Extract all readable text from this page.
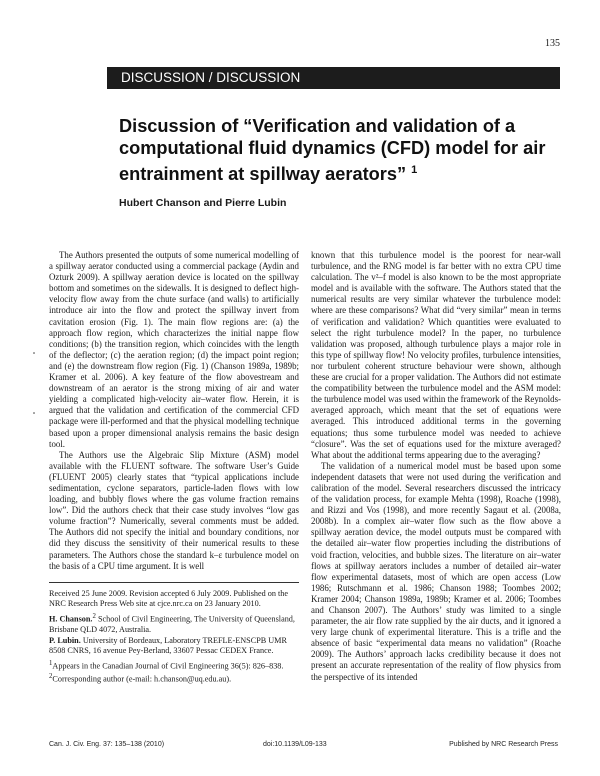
135
DISCUSSION / DISCUSSION
Discussion of “Verification and validation of a computational fluid dynamics (CFD) model for air entrainment at spillway aerators” $^1$
Hubert Chanson and Pierre Lubin

The Authors presented the outputs of some numerical modelling of a spillway aerator conducted using a commercial package (Aydin and Ozturk 2009). A spillway aeration device is located on the spillway bottom and sometimes on the sidewalls. It is designed to deflect high-velocity flow away from the chute surface (and walls) to artificially introduce air into the flow and protect the spillway invert from cavitation erosion (Fig. 1). The main flow regions are: (a) the approach flow region, which characterizes the initial nappe flow conditions; (b) the transition region, which coincides with the length of the deflector; (c) the aeration region; (d) the impact point region; and (e) the downstream flow region (Fig. 1) (Chanson 1989a, 1989b; Kramer et al. 2006). A key feature of the flow abovestream and downstream of an aerator is the strong mixing of air and water yielding a complicated high-velocity air–water flow. Herein, it is argued that the validation and certification of the commercial CFD package were ill-performed and that the physical modelling technique based upon a proper dimensional analysis remains the basic design tool.

The Authors use the Algebraic Slip Mixture (ASM) model available with the FLUENT software. The software User’s Guide (FLUENT 2005) clearly states that “typical applications include sedimentation, cyclone separators, particle-laden flows with low loading, and bubbly flows where the gas volume fraction remains low”. Did the authors check that their case study involves “low gas volume fraction”? Numerically, several comments must be added. The Authors did not specify the initial and boundary conditions, nor did they discuss the sensitivity of their numerical results to these parameters. The Authors chose the standard k–ε turbulence model on the basis of a CPU time argument. It is well

Received 25 June 2009. Revision accepted 6 July 2009. Published on the NRC Research Press Web site at cjce.nrc.ca on 23 January 2010.

H. Chanson.$^2$ School of Civil Engineering, The University of Queensland, Brisbane QLD 4072, Australia.
P. Lubin. University of Bordeaux, Laboratory TREFLE-ENSCPB UMR 8508 CNRS, 16 avenue Pey-Berland, 33607 Pessac CEDEX France.

$^1$Appears in the Canadian Journal of Civil Engineering 36(5): 826–838.
$^2$Corresponding author (e-mail: h.chanson@uq.edu.au).

known that this turbulence model is the poorest for near-wall turbulence, and the RNG model is far better with no extra CPU time calculation. The v²–f model is also known to be the most appropriate model and is available with the software. The Authors stated that the numerical results are very similar whatever the turbulence model: where are these comparisons? What did “very similar” mean in terms of verification and validation? Which quantities were evaluated to select the right turbulence model? In the paper, no turbulence validation was proposed, although turbulence plays a major role in this type of spillway flow! No velocity profiles, turbulence intensities, nor turbulent coherent structure behaviour were shown, although these are crucial for a proper validation. The Authors did not estimate the compatibility between the turbulence model and the ASM model: the turbulence model was used within the framework of the Reynolds-averaged approach, which meant that the set of equations were averaged. This introduced additional terms in the governing equations; thus some turbulence model was needed to achieve “closure”. Was the set of equations used for the mixture averaged? What about the additional terms appearing due to the averaging?

The validation of a numerical model must be based upon some independent datasets that were not used during the verification and calibration of the model. Several researchers discussed the intricacy of the validation process, for example Mehta (1998), Roache (1998), and Rizzi and Vos (1998), and more recently Sagaut et al. (2008a, 2008b). In a complex air–water flow such as the flow above a spillway aeration device, the model outputs must be compared with the detailed air–water flow properties including the distributions of void fraction, velocities, and bubble sizes. The literature on air–water flows at spillway aerators includes a number of detailed air–water flow experimental datasets, most of which are open access (Low 1986; Rutschmann et al. 1986; Chanson 1988; Toombes 2002; Kramer 2004; Chanson 1989a, 1989b; Kramer et al. 2006; Toombes and Chanson 2007). The Authors’ study was limited to a single parameter, the air flow rate supplied by the air ducts, and it ignored a very large chunk of experimental literature. This is a trifle and the absence of basic “experimental data means no validation” (Roache 2009). The Authors’ approach lacks credibility because it does not present an accurate representation of the reality of flow physics from the perspective of its intended

Can. J. Civ. Eng. 37: 135–138 (2010)	doi:10.1139/L09-133	Published by NRC Research Press
